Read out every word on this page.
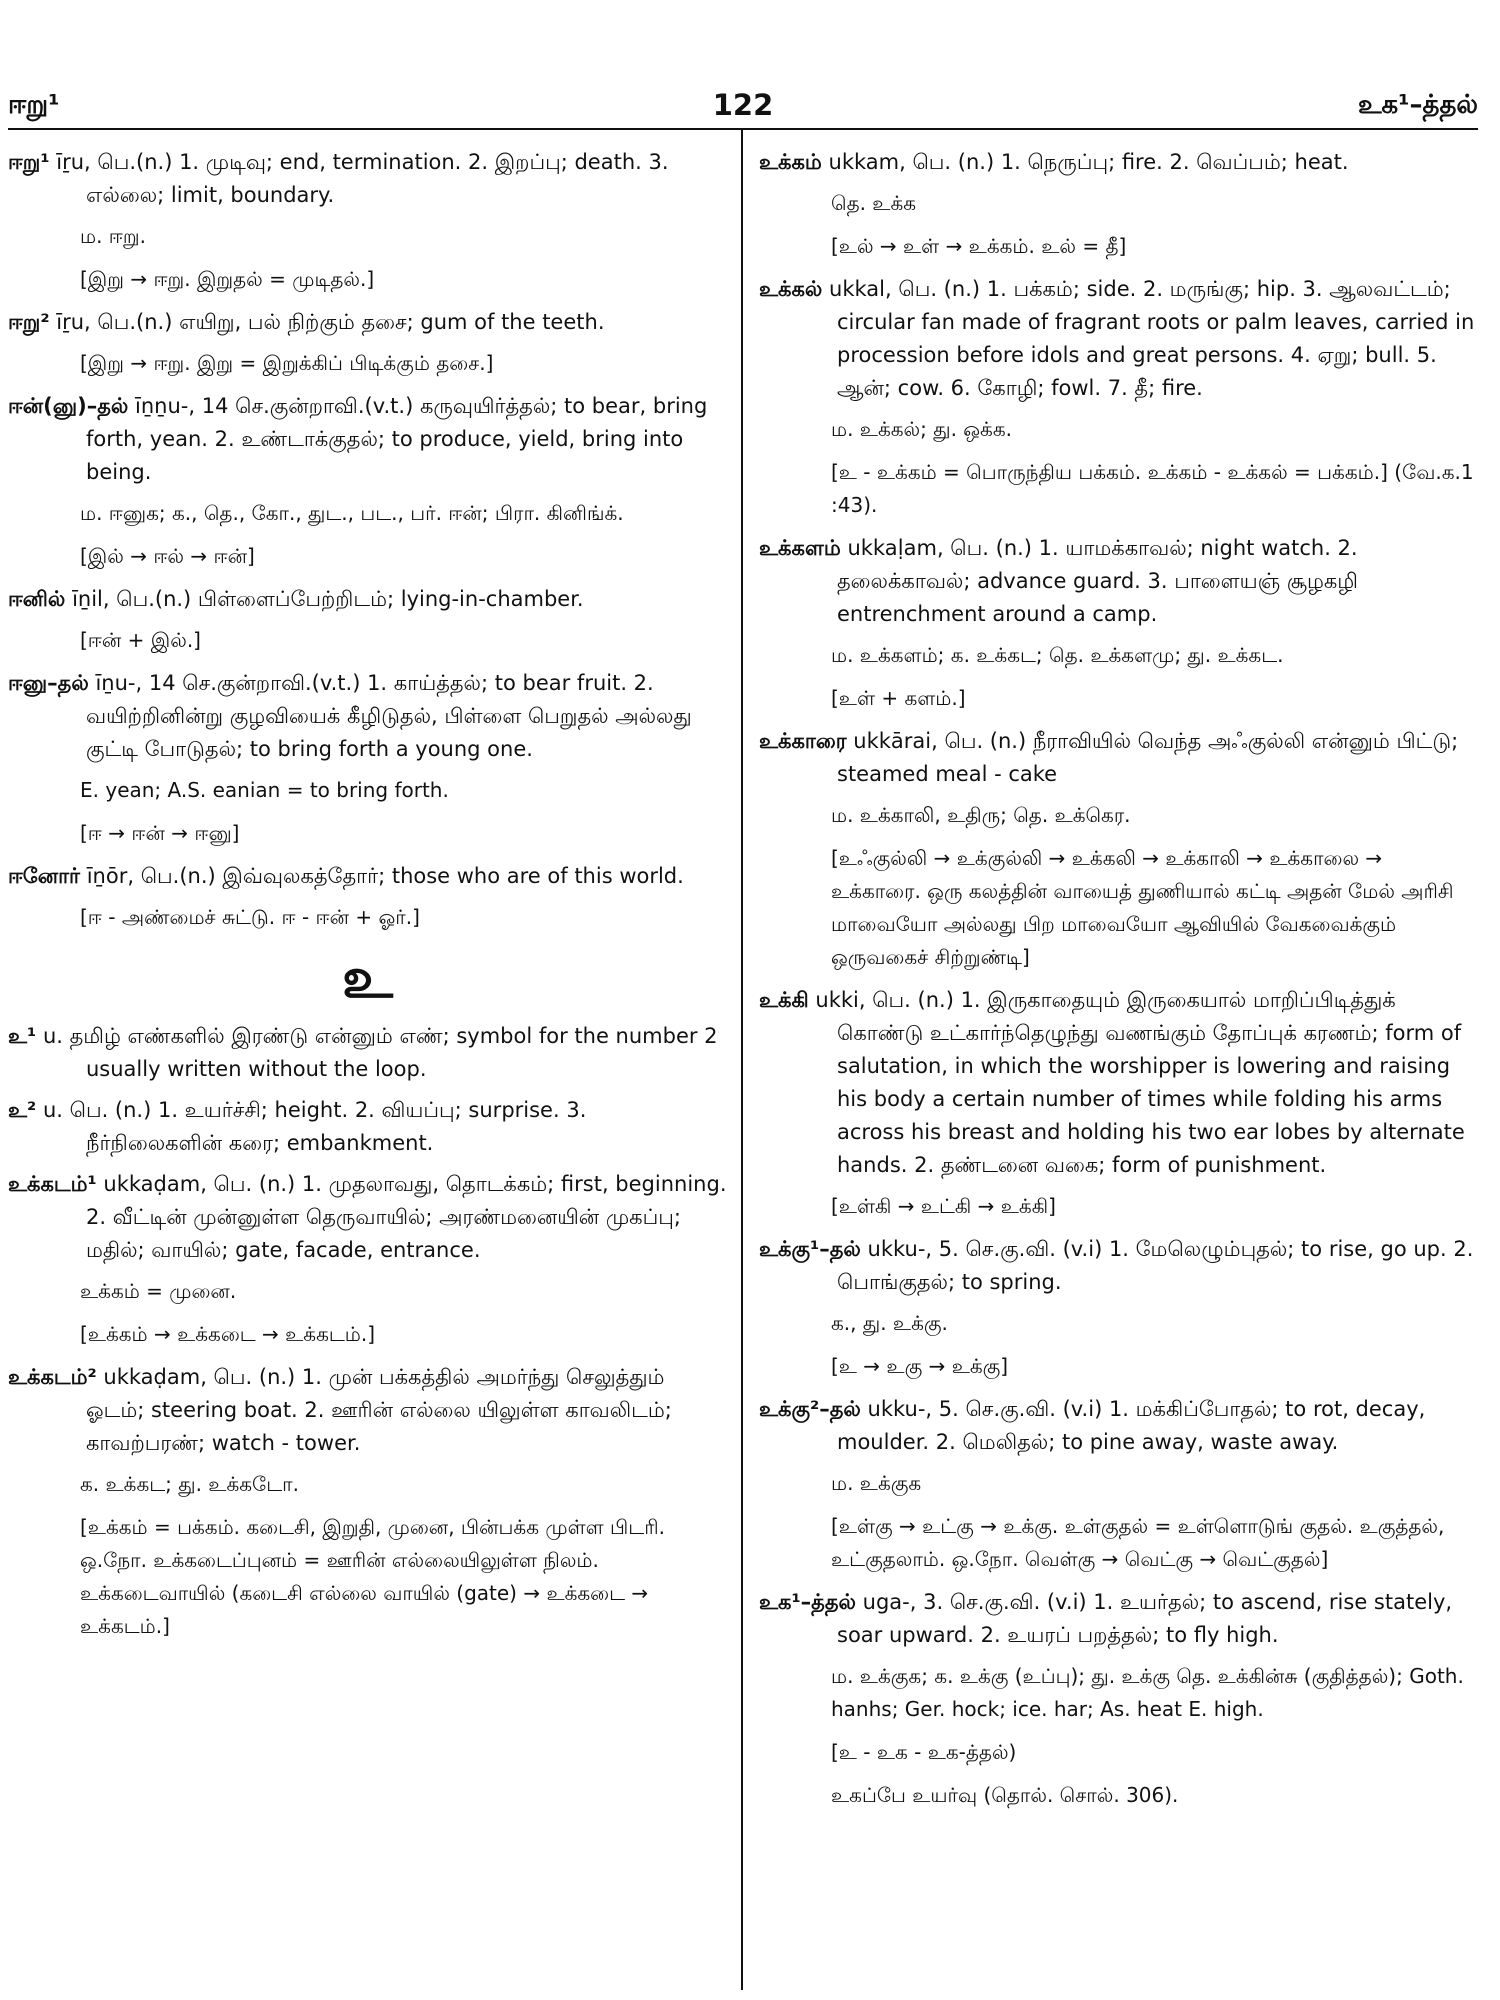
ஈறு¹	122	உக¹–த்தல்
ஈறு¹ īṟu, பெ.(n.) 1. முடிவு; end, termination. 2. இறப்பு; death. 3. எல்லை; limit, boundary.
ம. ஈறு.
[இறு → ஈறு. இறுதல் = முடிதல்.]
ஈறு² īṟu, பெ.(n.) எயிறு, பல் நிற்கும் தசை; gum of the teeth.
[இறு → ஈறு. இறு = இறுக்கிப் பிடிக்கும் தசை.]
ஈன்(னு)–தல் īṉṉu-, 14 செ.குன்றாவி.(v.t.) கருவுயிர்த்தல்; to bear, bring forth, yean. 2. உண்டாக்குதல்; to produce, yield, bring into being.
ம. ஈனுக; க., தெ., கோ., துட., பட., பர். ஈன்; பிரா. கினிங்க்.
[இல் → ஈல் → ஈன்]
ஈனில் īṉil, பெ.(n.) பிள்ளைப்பேற்றிடம்; lying-in-chamber.
[ஈன் + இல்.]
ஈனு–தல் īṉu-, 14 செ.குன்றாவி.(v.t.) 1. காய்த்தல்; to bear fruit. 2. வயிற்றினின்று குழவியைக் கீழிடுதல், பிள்ளை பெறுதல் அல்லது குட்டி போடுதல்; to bring forth a young one.
E. yean; A.S. eanian = to bring forth.
[ஈ → ஈன் → ஈனு]
ஈனோர் īṉōr, பெ.(n.) இவ்வுலகத்தோர்; those who are of this world.
[ஈ - அண்மைச் சுட்டு. ஈ - ஈன் + ஓர்.]
உ
உ¹ u. தமிழ் எண்களில் இரண்டு என்னும் எண்; symbol for the number 2 usually written without the loop.
உ² u. பெ. (n.) 1. உயர்ச்சி; height. 2. வியப்பு; surprise. 3. நீர்நிலைகளின் கரை; embankment.
உக்கடம்¹ ukkaḍam, பெ. (n.) 1. முதலாவது, தொடக்கம்; first, beginning. 2. வீட்டின் முன்னுள்ள தெருவாயில்; அரண்மனையின் முகப்பு; மதில்; வாயில்; gate, facade, entrance.
உக்கம் = முனை.
[உக்கம் → உக்கடை → உக்கடம்.]
உக்கடம்² ukkaḍam, பெ. (n.) 1. முன் பக்கத்தில் அமர்ந்து செலுத்தும் ஓடம்; steering boat. 2. ஊரின் எல்லை யிலுள்ள காவலிடம்; காவற்பரண்; watch - tower.
க. உக்கட; து. உக்கடோ.
[உக்கம் = பக்கம். கடைசி, இறுதி, முனை, பின்பக்க முள்ள பிடரி. ஒ.நோ. உக்கடைப்புனம் = ஊரின் எல்லையிலுள்ள நிலம். உக்கடைவாயில் (கடைசி எல்லை வாயில் (gate) → உக்கடை → உக்கடம்.]
உக்கம் ukkam, பெ. (n.) 1. நெருப்பு; fire. 2. வெப்பம்; heat.
தெ. உக்க
[உல் → உள் → உக்கம். உல் = தீ]
உக்கல் ukkal, பெ. (n.) 1. பக்கம்; side. 2. மருங்கு; hip. 3. ஆலவட்டம்; circular fan made of fragrant roots or palm leaves, carried in procession before idols and great persons. 4. ஏறு; bull. 5. ஆன்; cow. 6. கோழி; fowl. 7. தீ; fire.
ம. உக்கல்; து. ஒக்க.
[உ - உக்கம் = பொருந்திய பக்கம். உக்கம் - உக்கல் = பக்கம்.] (வே.க.1 :43).
உக்களம் ukkaḷam, பெ. (n.) 1. யாமக்காவல்; night watch. 2. தலைக்காவல்; advance guard. 3. பாளையஞ் சூழகழி entrenchment around a camp.
ம. உக்களம்; க. உக்கட; தெ. உக்களமு; து. உக்கட.
[உள் + களம்.]
உக்காரை ukkārai, பெ. (n.) நீராவியில் வெந்த அஃகுல்லி என்னும் பிட்டு; steamed meal - cake
ம. உக்காலி, உதிரு; தெ. உக்கெர.
[உஃகுல்லி → உக்குல்லி → உக்கலி → உக்காலி → உக்காலை → உக்காரை. ஒரு கலத்தின் வாயைத் துணியால் கட்டி அதன் மேல் அரிசி மாவையோ அல்லது பிற மாவையோ ஆவியில் வேகவைக்கும் ஒருவகைச் சிற்றுண்டி]
உக்கி ukki, பெ. (n.) 1. இருகாதையும் இருகையால் மாறிப்பிடித்துக் கொண்டு உட்கார்ந்தெழுந்து வணங்கும் தோப்புக் கரணம்; form of salutation, in which the worshipper is lowering and raising his body a certain number of times while folding his arms across his breast and holding his two ear lobes by alternate hands. 2. தண்டனை வகை; form of punishment.
[உள்கி → உட்கி → உக்கி]
உக்கு¹–தல் ukku-, 5. செ.கு.வி. (v.i) 1. மேலெழும்புதல்; to rise, go up. 2. பொங்குதல்; to spring.
க., து. உக்கு.
[உ → உகு → உக்கு]
உக்கு²–தல் ukku-, 5. செ.கு.வி. (v.i) 1. மக்கிப்போதல்; to rot, decay, moulder. 2. மெலிதல்; to pine away, waste away.
ம. உக்குக
[உள்கு → உட்கு → உக்கு. உள்குதல் = உள்ளொடுங் குதல். உகுத்தல், உட்குதலாம். ஒ.நோ. வெள்கு → வெட்கு → வெட்குதல்]
உக¹–த்தல் uga-, 3. செ.கு.வி. (v.i) 1. உயர்தல்; to ascend, rise stately, soar upward. 2. உயரப் பறத்தல்; to fly high.
ம. உக்குக; க. உக்கு (உப்பு); து. உக்கு தெ. உக்கின்சு (குதித்தல்); Goth. hanhs; Ger. hock; ice. har; As. heat E. high.
[உ - உக - உக-த்தல்)
உகப்பே உயர்வு (தொல். சொல். 306).
